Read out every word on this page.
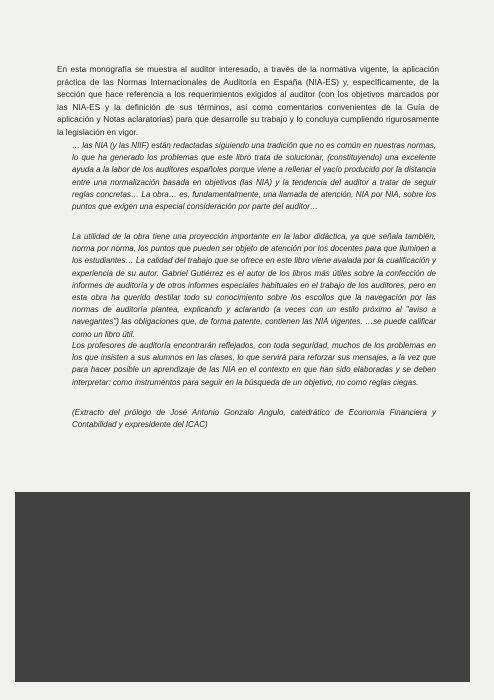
En esta monografía se muestra al auditor interesado, a través de la normativa vigente, la aplicación práctica de las Normas Internacionales de Auditoría en España (NIA-ES) y, específicamente, de la sección que hace referencia a los requerimientos exigidos al auditor (con los objetivos marcados por las NIA-ES y la definición de sus términos, así como comentarios convenientes de la Guía de aplicación y Notas aclaratorias) para que desarrolle su trabajo y lo concluya cumpliendo rigurosamente la legislación en vigor.

… las NIA (y las NIIF) están redactadas siguiendo una tradición que no es común en nuestras normas, lo que ha generado los problemas que este libro trata de solucionar, (constituyendo) una excelente ayuda a la labor de los auditores españoles porque viene a rellenar el vacío producido por la distancia entre una normalización basada en objetivos (las NIA) y la tendencia del auditor a tratar de seguir reglas concretas… La obra… es, fundamentalmente, una llamada de atención, NIA por NIA, sobre los puntos que exigen una especial consideración por parte del auditor…

La utilidad de la obra tiene una proyección importante en la labor didáctica, ya que señala también, norma por norma, los puntos que pueden ser objeto de atención por los docentes para que iluminen a los estudiantes… La calidad del trabajo que se ofrece en este libro viene avalada por la cualificación y experiencia de su autor. Gabriel Gutiérrez es el autor de los libros más útiles sobre la confección de informes de auditoría y de otros informes especiales habituales en el trabajo de los auditores, pero en esta obra ha querido destilar todo su conocimiento sobre los escollos que la navegación por las normas de auditoría plantea, explicando y aclarando (a veces con un estilo próximo al "aviso a navegantes") las obligaciones que, de forma patente, contienen las NIA vigentes. …se puede calificar como un libro útil.

Los profesores de auditoría encontrarán reflejados, con toda seguridad, muchos de los problemas en los que insisten a sus alumnos en las clases, lo que servirá para reforzar sus mensajes, a la vez que para hacer posible un aprendizaje de las NIA en el contexto en que han sido elaboradas y se deben interpretar: como instrumentos para seguir en la búsqueda de un objetivo, no como reglas ciegas.

(Extracto del prólogo de José Antonio Gonzalo Angulo, catedrático de Economía Financiera y Contabilidad y expresidente del ICAC)
